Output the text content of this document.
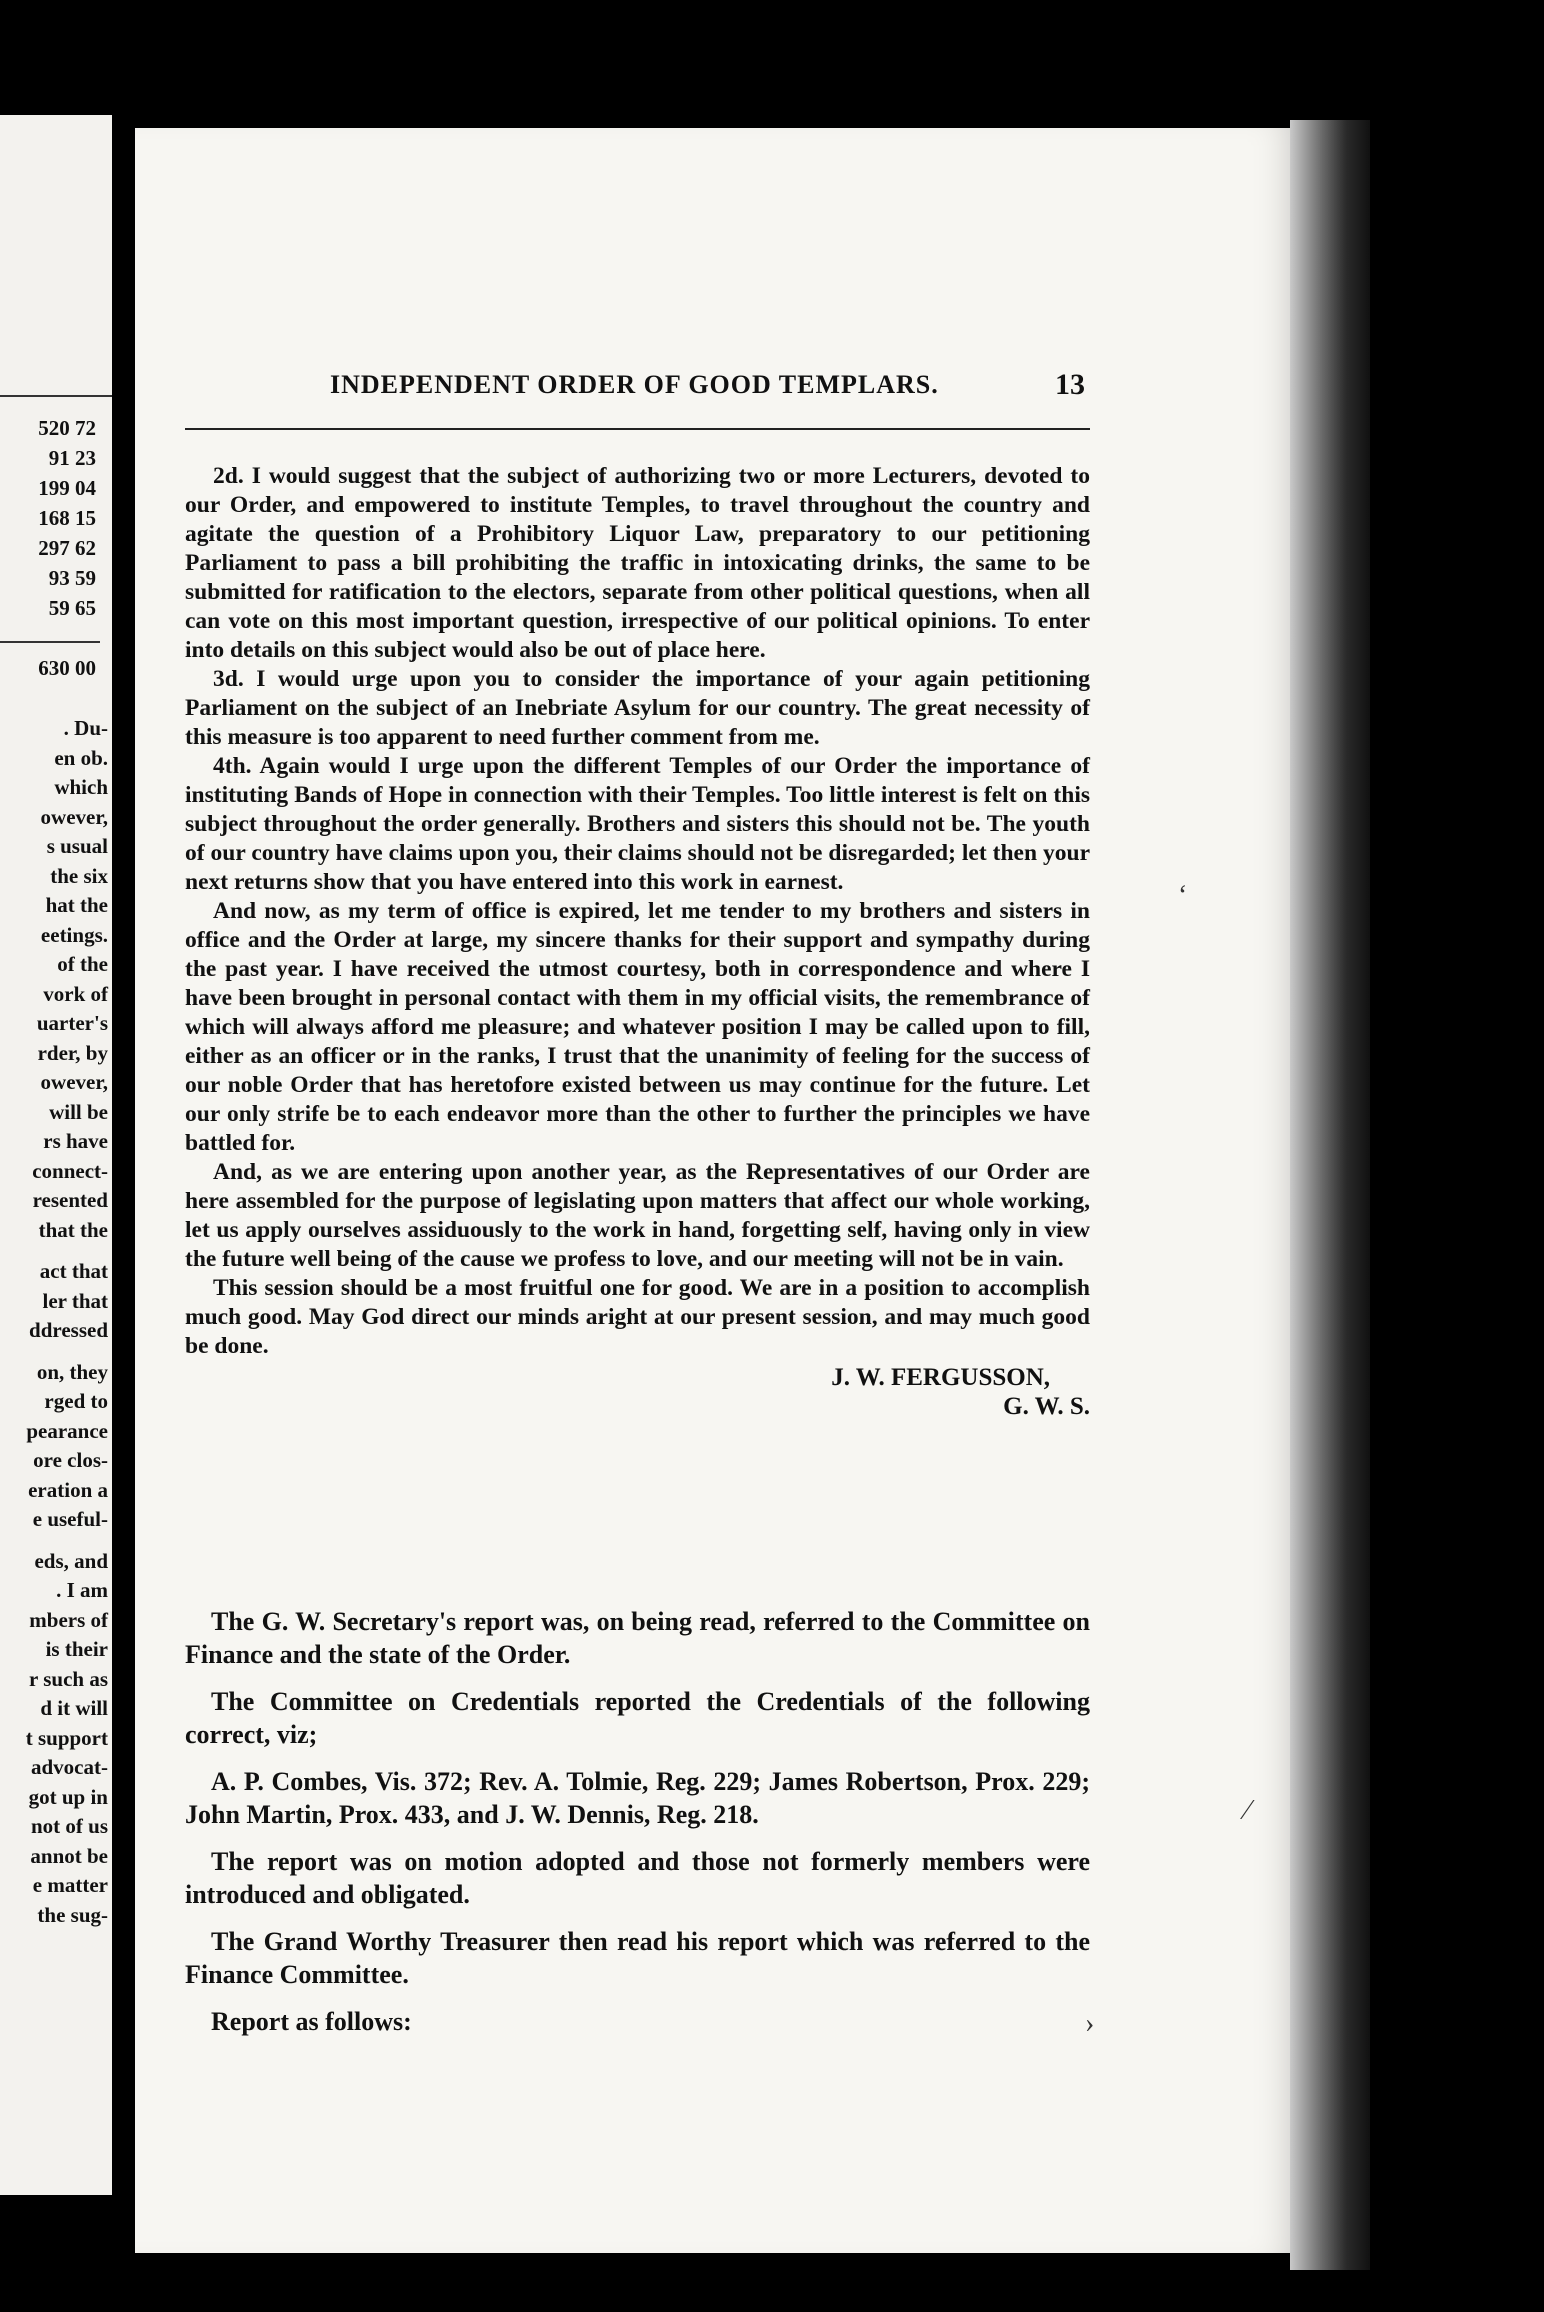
520 72
91 23
199 04
168 15
297 62
93 59
59 65
630 00
. Du-
en ob.
which
owever,
s usual
the six
hat the
eetings.
of the
vork of
uarter's
rder, by
owever,
will be
rs have
connect-
resented
that the
act that
ler that
ddressed
on, they
rged to
pearance
ore clos-
eration a
e useful-
eds, and
. I am
mbers of
is their
r such as
d it will
t support
advocat-
got up in
not of us
annot be
e matter
the sug-
INDEPENDENT ORDER OF GOOD TEMPLARS.	13

2d. I would suggest that the subject of authorizing two or more Lecturers, devoted to our Order, and empowered to institute Temples, to travel throughout the country and agitate the question of a Prohibitory Liquor Law, preparatory to our petitioning Parliament to pass a bill prohibiting the traffic in intoxicating drinks, the same to be submitted for ratification to the electors, separate from other political questions, when all can vote on this most important question, irrespective of our political opinions. To enter into details on this subject would also be out of place here.

3d. I would urge upon you to consider the importance of your again petitioning Parliament on the subject of an Inebriate Asylum for our country. The great necessity of this measure is too apparent to need further comment from me.

4th. Again would I urge upon the different Temples of our Order the importance of instituting Bands of Hope in connection with their Temples. Too little interest is felt on this subject throughout the order generally. Brothers and sisters this should not be. The youth of our country have claims upon you, their claims should not be disregarded; let then your next returns show that you have entered into this work in earnest.

And now, as my term of office is expired, let me tender to my brothers and sisters in office and the Order at large, my sincere thanks for their support and sympathy during the past year. I have received the utmost courtesy, both in correspondence and where I have been brought in personal contact with them in my official visits, the remembrance of which will always afford me pleasure; and whatever position I may be called upon to fill, either as an officer or in the ranks, I trust that the unanimity of feeling for the success of our noble Order that has heretofore existed between us may continue for the future. Let our only strife be to each endeavor more than the other to further the principles we have battled for.

And, as we are entering upon another year, as the Representatives of our Order are here assembled for the purpose of legislating upon matters that affect our whole working, let us apply ourselves assiduously to the work in hand, forgetting self, having only in view the future well being of the cause we profess to love, and our meeting will not be in vain.

This session should be a most fruitful one for good. We are in a position to accomplish much good. May God direct our minds aright at our present session, and may much good be done.

J. W. FERGUSSON,
G. W. S.

The G. W. Secretary's report was, on being read, referred to the Committee on Finance and the state of the Order.

The Committee on Credentials reported the Credentials of the following correct, viz;

A. P. Combes, Vis. 372; Rev. A. Tolmie, Reg. 229; James Robertson, Prox. 229; John Martin, Prox. 433, and J. W. Dennis, Reg. 218.

The report was on motion adopted and those not formerly members were introduced and obligated.

The Grand Worthy Treasurer then read his report which was referred to the Finance Committee.

Report as follows:

ʻ
⁄
›
